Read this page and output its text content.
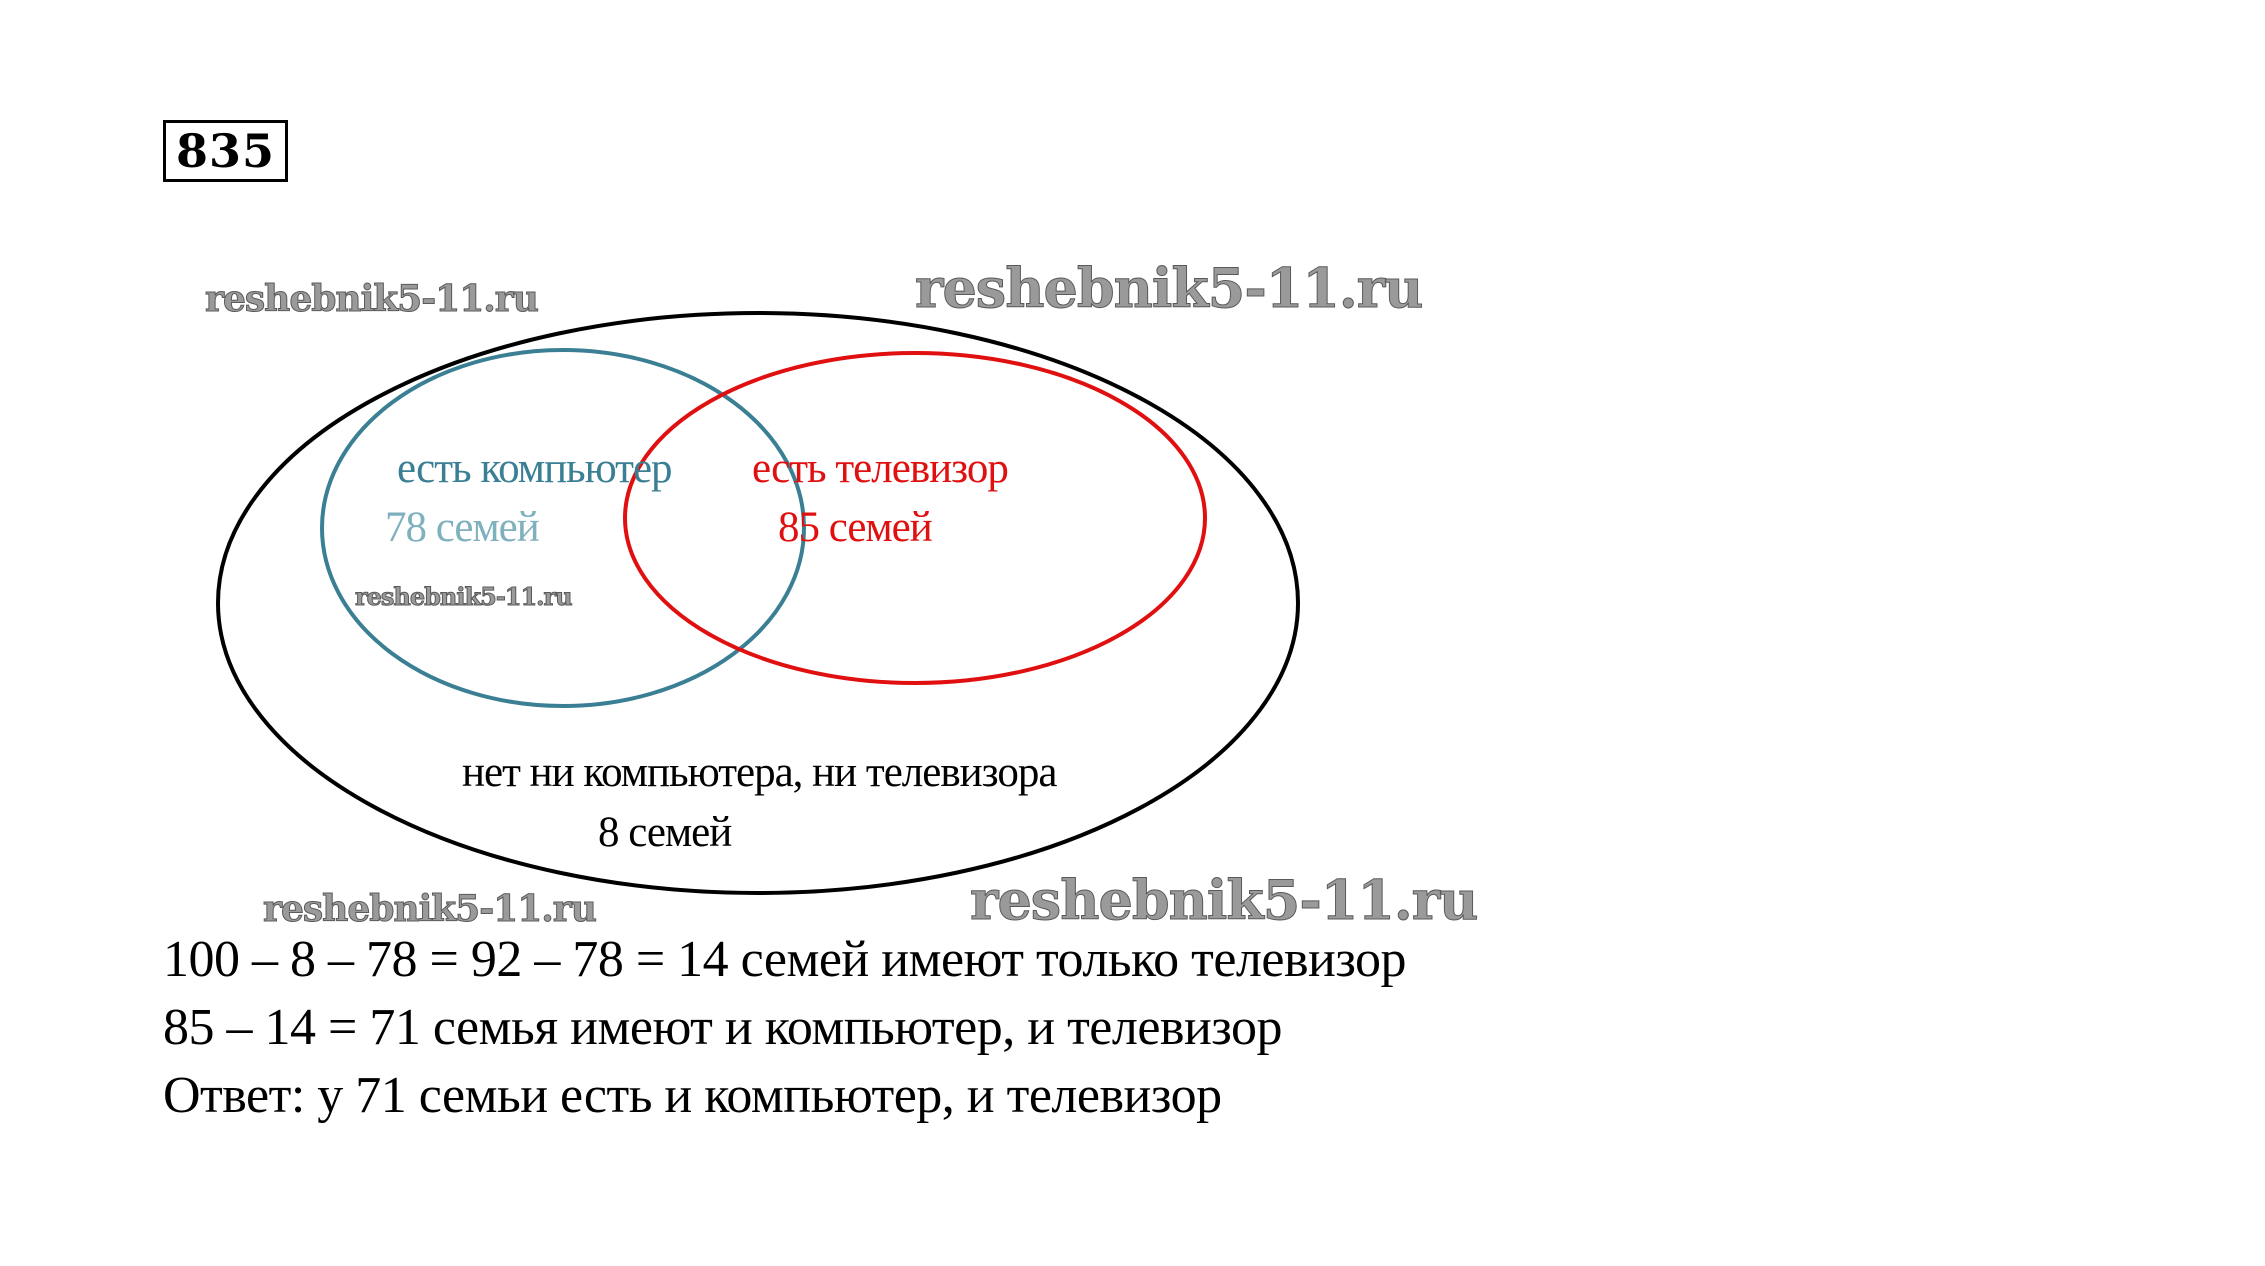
835
reshebnik5-11.ru	reshebnik5-11.ru
reshebnik5-11.ru
reshebnik5-11.ru	reshebnik5-11.ru
есть компьютер
78 семей
есть телевизор
85 семей
нет ни компьютера, ни телевизора
8 семей
100 – 8 – 78 = 92 – 78 = 14 семей имеют только телевизор
85 – 14 = 71 семья имеют и компьютер, и телевизор
Ответ: у 71 семьи есть и компьютер, и телевизор
